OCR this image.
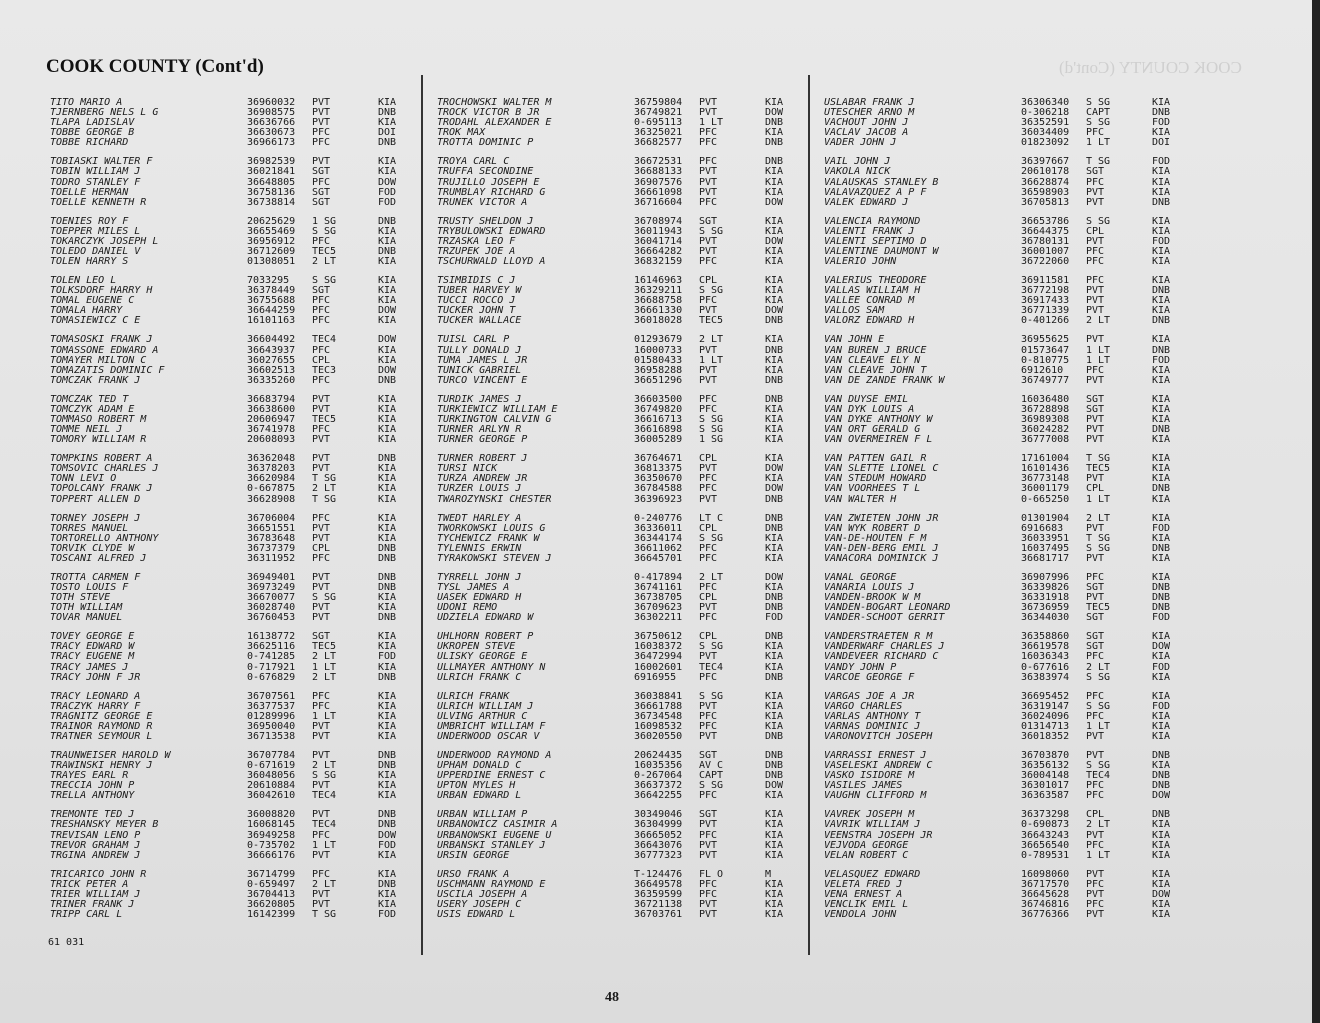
COOK COUNTY (Cont'd)	COOK COUNTY (Cont'd)
TITO MARIO A	36960032 PVT	KIA
TJERNBERG NELS L G	36908575 PVT	DNB
TLAPA LADISLAV	36636766 PVT	KIA
TOBBE GEORGE B	36630673 PFC	DOI
TOBBE RICHARD	36966173 PFC	DNB
TOBIASKI WALTER F	36982539 PVT	KIA
TOBIN WILLIAM J	36021841 SGT	KIA
TODRO STANLEY F	36648805 PFC	DOW
TOELLE HERMAN	36758136 SGT	FOD
TOELLE KENNETH R	36738814 SGT	FOD
TOENIES ROY F	20625629 1 SG	DNB
TOEPPER MILES L	36655469 S SG	KIA
TOKARCZYK JOSEPH L	36956912 PFC	KIA
TOLEDO DANIEL V	36712609 TEC5	DNB
TOLEN HARRY S	01308051 2 LT	KIA
TOLEN LEO L	7033295 S SG	KIA
TOLKSDORF HARRY H	36378449 SGT	KIA
TOMAL EUGENE C	36755688 PFC	KIA
TOMALA HARRY	36644259 PFC	DOW
TOMASIEWICZ C E	16101163 PFC	KIA
TOMASOSKI FRANK J	36604492 TEC4	DOW
TOMASSONE EDWARD A	36643937 PFC	KIA
TOMAYER MILTON C	36027655 CPL	KIA
TOMAZATIS DOMINIC F	36602513 TEC3	DOW
TOMCZAK FRANK J	36335260 PFC	DNB
TOMCZAK TED T	36683794 PVT	KIA
TOMCZYK ADAM E	36638600 PVT	KIA
TOMMASO ROBERT M	20606947 TEC5	KIA
TOMME NEIL J	36741978 PFC	KIA
TOMORY WILLIAM R	20608093 PVT	KIA
TOMPKINS ROBERT A	36362048 PVT	DNB
TOMSOVIC CHARLES J	36378203 PVT	KIA
TONN LEVI O	36620984 T SG	KIA
TOPOLCANY FRANK J	0-667875 2 LT	KIA
TOPPERT ALLEN D	36628908 T SG	KIA
TORNEY JOSEPH J	36706004 PFC	KIA
TORRES MANUEL	36651551 PVT	KIA
TORTORELLO ANTHONY	36783648 PVT	KIA
TORVIK CLYDE W	36737379 CPL	DNB
TOSCANI ALFRED J	36311952 PFC	DNB
TROTTA CARMEN F	36949401 PVT	DNB
TOSTO LOUIS F	36973249 PVT	DNB
TOTH STEVE	36670077 S SG	KIA
TOTH WILLIAM	36028740 PVT	KIA
TOVAR MANUEL	36760453 PVT	DNB
TOVEY GEORGE E	16138772 SGT	KIA
TRACY EDWARD W	36625116 TEC5	KIA
TRACY EUGENE M	0-741285 2 LT	FOD
TRACY JAMES J	0-717921 1 LT	KIA
TRACY JOHN F JR	0-676829 2 LT	DNB
TRACY LEONARD A	36707561 PFC	KIA
TRACZYK HARRY F	36377537 PFC	KIA
TRAGNITZ GEORGE E	01289996 1 LT	KIA
TRAINOR RAYMOND R	36950040 PVT	KIA
TRATNER SEYMOUR L	36713538 PVT	KIA
TRAUNWEISER HAROLD W	36707784 PVT	DNB
TRAWINSKI HENRY J	0-671619 2 LT	DNB
TRAYES EARL R	36048056 S SG	KIA
TRECCIA JOHN P	20610884 PVT	KIA
TRELLA ANTHONY	36042610 TEC4	KIA
TREMONTE TED J	36008820 PVT	DNB
TRESHANSKY MEYER B	16068145 TEC4	DNB
TREVISAN LENO P	36949258 PFC	DOW
TREVOR GRAHAM J	0-735702 1 LT	FOD
TRGINA ANDREW J	36666176 PVT	KIA
TRICARICO JOHN R	36714799 PFC	KIA
TRICK PETER A	0-659497 2 LT	DNB
TRIER WILLIAM J	36704413 PVT	KIA
TRINER FRANK J	36620805 PVT	KIA
TRIPP CARL L	16142399 T SG	FOD
TROCHOWSKI WALTER M	36759804 PVT	KIA
TROCK VICTOR B JR	36749821 PVT	DOW
TRODAHL ALEXANDER E	0-695113 1 LT	DNB
TROK MAX	36325021 PFC	KIA
TROTTA DOMINIC P	36682577 PFC	DNB
TROYA CARL C	36672531 PFC	DNB
TRUFFA SECONDINE	36688133 PVT	KIA
TRUJILLO JOSEPH E	36907576 PVT	KIA
TRUMBLAY RICHARD G	36661098 PVT	KIA
TRUNEK VICTOR A	36716604 PFC	DOW
TRUSTY SHELDON J	36708974 SGT	KIA
TRYBULOWSKI EDWARD	36011943 S SG	KIA
TRZASKA LEO F	36041714 PVT	DOW
TRZUPEK JOE A	36664282 PVT	KIA
TSCHURWALD LLOYD A	36832159 PFC	KIA
TSIMBIDIS C J	16146963 CPL	KIA
TUBER HARVEY W	36329211 S SG	KIA
TUCCI ROCCO J	36688758 PFC	KIA
TUCKER JOHN T	36661330 PVT	DOW
TUCKER WALLACE	36018028 TEC5	DNB
TUISL CARL P	01293679 2 LT	KIA
TULLY DONALD J	16000733 PVT	DNB
TUMA JAMES L JR	01580433 1 LT	KIA
TUNICK GABRIEL	36958288 PVT	KIA
TURCO VINCENT E	36651296 PVT	DNB
TURDIK JAMES J	36603500 PFC	DNB
TURKIEWICZ WILLIAM E	36749820 PFC	KIA
TURKINGTON CALVIN G	36616713 S SG	KIA
TURNER ARLYN R	36616898 S SG	KIA
TURNER GEORGE P	36005289 1 SG	KIA
TURNER ROBERT J	36764671 CPL	KIA
TURSI NICK	36813375 PVT	DOW
TURZA ANDREW JR	36350670 PFC	KIA
TURZER LOUIS J	36784588 PFC	DOW
TWAROZYNSKI CHESTER	36396923 PVT	DNB
TWEDT HARLEY A	0-240776 LT C	DNB
TWORKOWSKI LOUIS G	36336011 CPL	DNB
TYCHEWICZ FRANK W	36344174 S SG	KIA
TYLENNIS ERWIN	36611062 PFC	KIA
TYRAKOWSKI STEVEN J	36645701 PFC	KIA
TYRRELL JOHN J	0-417894 2 LT	DOW
TYSL JAMES A	36741161 PFC	KIA
UASEK EDWARD H	36738705 CPL	DNB
UDONI REMO	36709623 PVT	DNB
UDZIELA EDWARD W	36302211 PFC	FOD
UHLHORN ROBERT P	36750612 CPL	DNB
UKROPEN STEVE	16038372 S SG	KIA
ULISKY GEORGE E	36472994 PVT	KIA
ULLMAYER ANTHONY N	16002601 TEC4	KIA
ULRICH FRANK C	6916955 PFC	DNB
ULRICH FRANK	36038841 S SG	KIA
ULRICH WILLIAM J	36661788 PVT	KIA
ULVING ARTHUR C	36734548 PFC	KIA
UMBRICHT WILLIAM F	16098532 PFC	KIA
UNDERWOOD OSCAR V	36020550 PVT	DNB
UNDERWOOD RAYMOND A	20624435 SGT	DNB
UPHAM DONALD C	16035356 AV C	DNB
UPPERDINE ERNEST C	0-267064 CAPT	DNB
UPTON MYLES H	36637372 S SG	DOW
URBAN EDWARD L	36642255 PFC	KIA
URBAN WILLIAM P	30349046 SGT	KIA
URBANOWICZ CASIMIR A	36304999 PVT	KIA
URBANOWSKI EUGENE U	36665052 PFC	KIA
URBANSKI STANLEY J	36643076 PVT	KIA
URSIN GEORGE	36777323 PVT	KIA
URSO FRANK A	T-124476 FL O	M
USCHMANN RAYMOND E	36649578 PFC	KIA
USCILA JOSEPH A	36359599 PFC	KIA
USERY JOSEPH C	36721138 PVT	KIA
USIS EDWARD L	36703761 PVT	KIA
USLABAR FRANK J	36306340 S SG	KIA
UTESCHER ARNO M	0-306218 CAPT	DNB
VACHOUT JOHN J	36352591 S SG	FOD
VACLAV JACOB A	36034409 PFC	KIA
VADER JOHN J	01823092 1 LT	DOI
VAIL JOHN J	36397667 T SG	FOD
VAKOLA NICK	20610178 SGT	KIA
VALAUSKAS STANLEY B	36628874 PFC	KIA
VALAVAZQUEZ A P F	36598903 PVT	KIA
VALEK EDWARD J	36705813 PVT	DNB
VALENCIA RAYMOND	36653786 S SG	KIA
VALENTI FRANK J	36644375 CPL	KIA
VALENTI SEPTIMO D	36780131 PVT	FOD
VALENTINE DAUMONT W	36001007 PFC	KIA
VALERIO JOHN	36722060 PFC	KIA
VALERIUS THEODORE	36911581 PFC	KIA
VALLAS WILLIAM H	36772198 PVT	DNB
VALLEE CONRAD M	36917433 PVT	KIA
VALLOS SAM	36771339 PVT	KIA
VALORZ EDWARD H	0-401266 2 LT	DNB
VAN JOHN E	36955625 PVT	KIA
VAN BUREN J BRUCE	01573647 1 LT	DNB
VAN CLEAVE ELY N	0-810775 1 LT	FOD
VAN CLEAVE JOHN T	6912610 PFC	KIA
VAN DE ZANDE FRANK W	36749777 PVT	KIA
VAN DUYSE EMIL	16036480 SGT	KIA
VAN DYK LOUIS A	36728898 SGT	KIA
VAN DYKE ANTHONY W	36989308 PVT	KIA
VAN ORT GERALD G	36024282 PVT	DNB
VAN OVERMEIREN F L	36777008 PVT	KIA
VAN PATTEN GAIL R	17161004 T SG	KIA
VAN SLETTE LIONEL C	16101436 TEC5	KIA
VAN STEDUM HOWARD	36773148 PVT	KIA
VAN VOORHEES T L	36001179 CPL	DNB
VAN WALTER H	0-665250 1 LT	KIA
VAN ZWIETEN JOHN JR	01301904 2 LT	KIA
VAN WYK ROBERT D	6916683 PVT	FOD
VAN-DE-HOUTEN F M	36033951 T SG	KIA
VAN-DEN-BERG EMIL J	16037495 S SG	DNB
VANACORA DOMINICK J	36681717 PVT	KIA
VANAL GEORGE	36907996 PFC	KIA
VANARIA LOUIS J	36339826 SGT	DNB
VANDEN-BROOK W M	36331918 PVT	DNB
VANDEN-BOGART LEONARD	36736959 TEC5	DNB
VANDER-SCHOOT GERRIT	36344030 SGT	FOD
VANDERSTRAETEN R M	36358860 SGT	KIA
VANDERWARF CHARLES J	36619578 SGT	DOW
VANDEVEER RICHARD C	16036343 PFC	KIA
VANDY JOHN P	0-677616 2 LT	FOD
VARCOE GEORGE F	36383974 S SG	KIA
VARGAS JOE A JR	36695452 PFC	KIA
VARGO CHARLES	36319147 S SG	FOD
VARLAS ANTHONY T	36024096 PFC	KIA
VARNAS DOMINIC J	01314713 1 LT	KIA
VARONOVITCH JOSEPH	36018352 PVT	KIA
VARRASSI ERNEST J	36703870 PVT	DNB
VASELESKI ANDREW C	36356132 S SG	KIA
VASKO ISIDORE M	36004148 TEC4	DNB
VASILES JAMES	36301017 PFC	DNB
VAUGHN CLIFFORD M	36363587 PFC	DOW
VAVREK JOSEPH M	36373298 CPL	DNB
VAVRIK WILLIAM J	0-690873 2 LT	KIA
VEENSTRA JOSEPH JR	36643243 PVT	KIA
VEJVODA GEORGE	36656540 PFC	KIA
VELAN ROBERT C	0-789531 1 LT	KIA
VELASQUEZ EDWARD	16098060 PVT	KIA
VELETA FRED J	36717570 PFC	KIA
VENA ERNEST A	36645628 PVT	DOW
VENCLIK EMIL L	36746816 PFC	KIA
VENDOLA JOHN	36776366 PVT	KIA
61 031
48
